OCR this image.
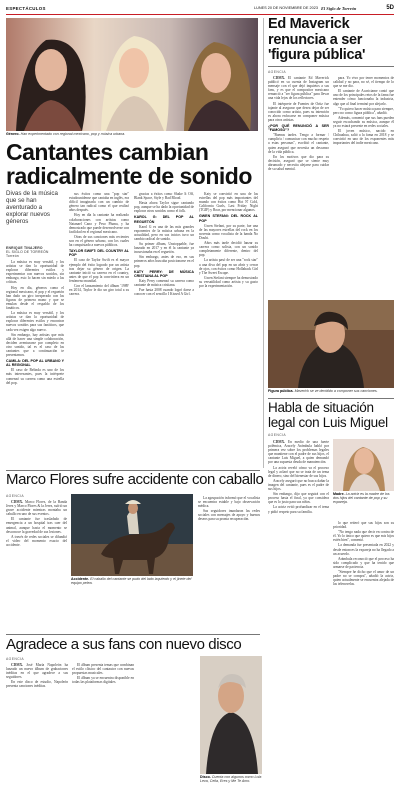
ESPECTÁCULOS	LUNES 20 DE NOVIEMBRE DE 2023 El Siglo de Torreón	5D
Género. Han experimentado con regional mexicano, pop y música urbana.
Cantantes cambian radicalmente de sonido
Divas de la música que se han aventurado a explorar nuevos géneros
ENRIQUE TINAJERO
EL SIGLO DE TORREÓN
Torreón

La música es muy versátil, y los artistas se dan la oportunidad de explorar diferentes estilos y experimentar con nuevos sonidos, sin embargo, esto lo hacen sin miedo a las críticas.

Hoy en día, géneros como el regional mexicano, el pop y el reguetón han dado un giro inesperado con las figuras de primera mano y que se emulan desde el respaldo de los fanáticos.

La música es muy versátil, y los artistas se dan la oportunidad de explorar diferentes estilos y encontrar nuevos sonidos para sus fanáticos, que cada vez exigen algo nuevo.

Sin embargo, hay artistas que más allá de hacer una simple colaboración, deciden aventurarse por completo en otro sonido, tal es el caso de las cantantes que a continuación te presentamos.

CAMILA: DEL POP AL URBANO Y AL REGIONAL

El caso de Belinda es uno de los más interesantes, pues la intérprete comenzó su carrera como una estrella del pop.

sus éxitos como una "pop star" estadounidense que cantaba en inglés, era difícil imaginarla con un cambio de género tan radical como el que realizó años después.

Hoy en día la cantante ha realizado colaboraciones con artistas como Natanael Cano y Peso Pluma, y ha demostrado que puede desenvolverse con facilidad en el regional mexicano.

Otras de sus canciones más recientes son en el género urbano, con los cuales ha conquistado a nuevos públicos.

TAYLOR SWIFT: DEL COUNTRY AL POP

El caso de Taylor Swift es el mayor ejemplo del éxito logrado por un artista tras dejar su género de origen. La cantante inició su carrera en el country, antes de que el pop la convirtiera en un fenómeno mundial.

Con el lanzamiento del álbum '1989' en 2014, Taylor le dio un giro total a su carrera.

gracias a éxitos como Shake It Off, Blank Space, Style y Bad Blood.

Hasta ahora Taylor sigue cantando pop, aunque se ha dado la oportunidad de explorar otros sonidos como el folk.

KAROL G: DEL POP AL REGUETÓN

Karol G es una de las más grandes exponentes de la música urbana en la actualidad, pero en sus inicios tuvo un cambio radical de sonido.

Su primer álbum, Unstoppable, fue lanzado en 2017 y en él la cantante ya incursionaba en el reguetón.

Sin embargo, antes de eso, en sus primeros años buscaba posicionarse en el pop.

KATY PERRY: DE MÚSICA CRISTIANA AL POP

Katy Perry comenzó su carrera como cantante de música cristiana.

Fue hasta 2008 cuando logró darse a conocer con el sencillo I Kissed A Girl.

Katy se convirtió en una de las estrellas del pop más importantes del mundo con éxitos como Hot N' Cold, California Gurls, Last Friday Night (TGIF) y Roar, por mencionar algunos.

GWEN STEFANI: DEL ROCK AL POP

Gwen Stefani, por su parte, fue una de las mayores estrellas del rock en los noventa como vocalista de la banda No Doubt.

Años más tarde decidió lanzar su carrera como solista, con un sonido completamente diferente, dentro del pop.

La artista pasó de ser una "rock star" a una diva del pop en un abrir y cerrar de ojos, con éxitos como Hollaback Girl y The Sweet Escape.

Gwen Stefani siempre ha demostrado su versatilidad como artista y su gusto por la experimentación.

Ed Maverick renuncia a ser 'figura pública'
AGENCIA

CDMX. El cantante Ed Maverick publicó en su cuenta de Instagram un mensaje con el que dejó inquietos a sus fans, y es que el compositor mexicano renunció a "ser figura pública" para llevar una vida lejos de los reflectores.

El intérprete de Fuentes de Ortiz fue tajante al asegurar que desea dejar de ser conocido como artista, pues su intención es ahora enfocarse en componer música para otros artistas.

¿POR QUÉ RENUNCIÓ A SER "FAMOSO"?

"Buenas tardes. Tengo a formar / cumplir/a / comunicar con mucho respeto a estas personas", escribió el cantante, quien aseguró que necesita un descanso de la vida pública.

En los motivos que dio para su decisión, aseguró que se siente muy abrumado y necesita alejarse para cuidar de su salud mental.

para. Yo vivo por tener momentos de calidad y no para, no sé, el tiempo de lo que se me dio.

El cantante de Acariciame contó que uno de los principales retos de la fama fue entender cómo funcionaba la industria, algo que al final terminó por alejarlo.

"Yo quiero hacer música para siempre, pero no como figura pública", añadió.

Además, comentó que sus fans pueden seguir escuchando su música, aunque él ya no estará presente en redes sociales.

El joven músico, nacido en Chihuahua, saltó a la fama en 2018 y se convirtió en uno de los exponentes más importantes del indie mexicano.

Figura pública. Maverick se ve decidido a componer sus canciones.
Habla de situación legal con Luis Miguel
AGENCIA

CDMX. En medio de una fuerte polémica, Aracely Arámbula habló por primera vez sobre los problemas legales que mantiene con el padre de sus hijos, el cantante Luis Miguel, a quien demandó por una supuesta deuda de manutención.

La actriz reveló cómo va el proceso legal y aclaró que no se trata de un tema de dinero, sino del bienestar de sus hijos.

Aracely aseguró que no busca dañar la imagen del cantante, pues es el padre de sus hijos.

Sin embargo, dijo que seguirá con el proceso hasta el final, ya que considera que es lo justo para sus niños.

La actriz evitó profundizar en el tema y pidió respeto para su familia.

Madre. La actriz es la madre de los dos hijos del cantante de pop y su expareja.

lo que reiteró que sus hijos son su prioridad.

"No tengo nada que decir en contra de él. Yo lo único que quiero es que mis hijos estén bien", comentó.

La demanda fue presentada en 2022 y desde entonces la expareja no ha llegado a un acuerdo.

Arámbula reconoció que el proceso ha sido complicado y que ha tenido que armarse de paciencia.

"Siempre he dicho que el amor de un padre no se compra", añadió la actriz, quien actualmente se encuentra alejada de las telenovelas.

Marco Flores sufre accidente con caballo
AGENCIA

CDMX. Marco Flores, de la Banda Jerez y Marco Flores & la Jerez, sufrió un grave accidente mientras montaba un caballo en uno de sus eventos.

El cantante fue trasladado de emergencia a un hospital tras caer del animal, aunque hasta el momento se desconoce la gravedad de sus lesiones.

A través de redes sociales se difundió el video del momento exacto del accidente.

Accidente. El caballo del cantante se pudo del lado izquierdo y el jinete del equipo pelea.

La agrupación informó que el vocalista se encuentra estable y bajo observación médica.

Sus seguidores inundaron las redes sociales con mensajes de apoyo y buenos deseos para su pronta recuperación.

Agradece a sus fans con nuevo disco
AGENCIA

CDMX. José María Napoleón ha lanzado un nuevo álbum de grabaciones inéditas en el que agradece a sus seguidores.

En este disco de estudio, Napoleón presenta canciones inéditas.

El álbum presenta temas que combinan el estilo clásico del cantautor con nuevas propuestas musicales.

El álbum ya se encuentra disponible en todas las plataformas digitales.

Disco. Cuenta con algunos como Lola Leva, Celia, Eres y Me Te Amo.
